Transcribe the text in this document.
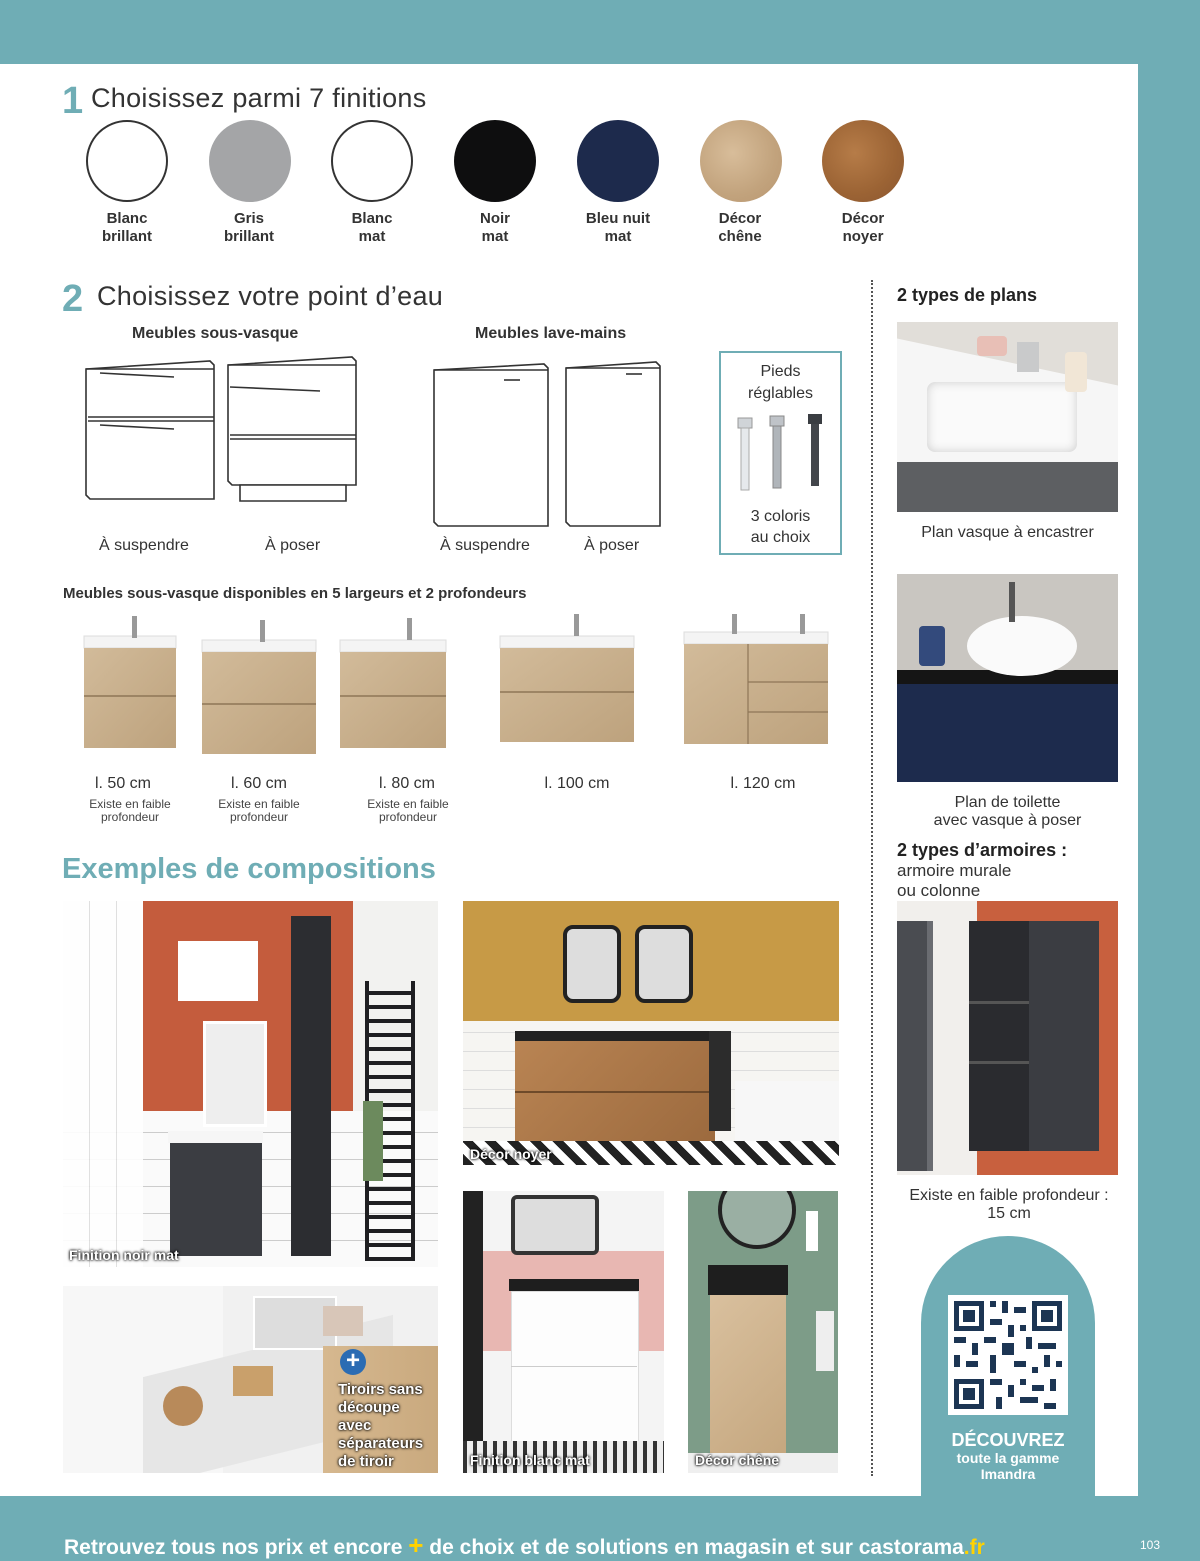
1 Choisissez parmi 7 finitions
Blanc
brillant
Gris
brillant
Blanc
mat
Noir
mat
Bleu nuit
mat
Décor
chêne
Décor
noyer
2 Choisissez votre point d’eau
Meubles sous-vasque	Meubles lave-mains
À suspendre	À poser	À suspendre	À poser
Pieds
réglables
3 coloris
au choix
Meubles sous-vasque disponibles en 5 largeurs et 2 profondeurs
l. 50 cm
Existe en faible
profondeur
l. 60 cm
Existe en faible
profondeur
l. 80 cm
Existe en faible
profondeur
l. 100 cm	l. 120 cm
Exemples de compositions
Finition noir mat
Décor noyer
+
Tiroirs sans
découpe
avec
séparateurs
de tiroir	Finition blanc mat	Décor chêne
2 types de plans
Plan vasque à encastrer
Plan de toilette
avec vasque à poser
2 types d’armoires :
armoire murale
ou colonne
Existe en faible profondeur :
15 cm
DÉCOUVREZ
toute la gamme
Imandra
Retrouvez tous nos prix et encore + de choix et de solutions en magasin et sur castorama.fr	103
